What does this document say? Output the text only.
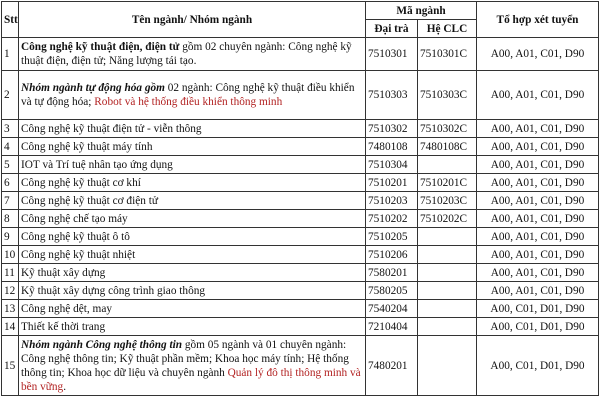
Stt	Tên ngành/ Nhóm ngành	Mã ngành		Tổ hợp xét tuyển
		Đại trà	Hệ CLC	
1	Công nghệ kỹ thuật điện, điện tử gồm 02 chuyên ngành: Công nghệ kỹ thuật điện, điện tử; Năng lượng tái tạo.	7510301	7510301C	A00, A01, C01, D90
2	Nhóm ngành tự động hóa gồm 02 ngành: Công nghệ kỹ thuật điều khiển và tự động hóa; Robot và hệ thống điều khiển thông minh	7510303	7510303C	A00, A01, C01, D90
3	Công nghệ kỹ thuật điện tử - viễn thông	7510302	7510302C	A00, A01, C01, D90
4	Công nghệ kỹ thuật máy tính	7480108	7480108C	A00, A01, C01, D90
5	IOT và Trí tuệ nhân tạo ứng dụng	7510304		A00, A01, C01, D90
6	Công nghệ kỹ thuật cơ khí	7510201	7510201C	A00, A01, C01, D90
7	Công nghệ kỹ thuật cơ điện tử	7510203	7510203C	A00, A01, C01, D90
8	Công nghệ chế tạo máy	7510202	7510202C	A00, A01, C01, D90
9	Công nghệ kỹ thuật ô tô	7510205		A00, A01, C01, D90
10	Công nghệ kỹ thuật nhiệt	7510206		A00, A01, C01, D90
11	Kỹ thuật xây dựng	7580201		A00, A01, C01, D90
12	Kỹ thuật xây dựng công trình giao thông	7580205		A00, A01, C01, D90
13	Công nghệ dệt, may	7540204		A00, C01, D01, D90
14	Thiết kế thời trang	7210404		A00, C01, D01, D90
15	Nhóm ngành Công nghệ thông tin gồm 05 ngành và 01 chuyên ngành: Công nghệ thông tin; Kỹ thuật phần mềm; Khoa học máy tính; Hệ thống thông tin; Khoa học dữ liệu và chuyên ngành Quản lý đô thị thông minh và bền vững.	7480201		A00, C01, D01, D90
